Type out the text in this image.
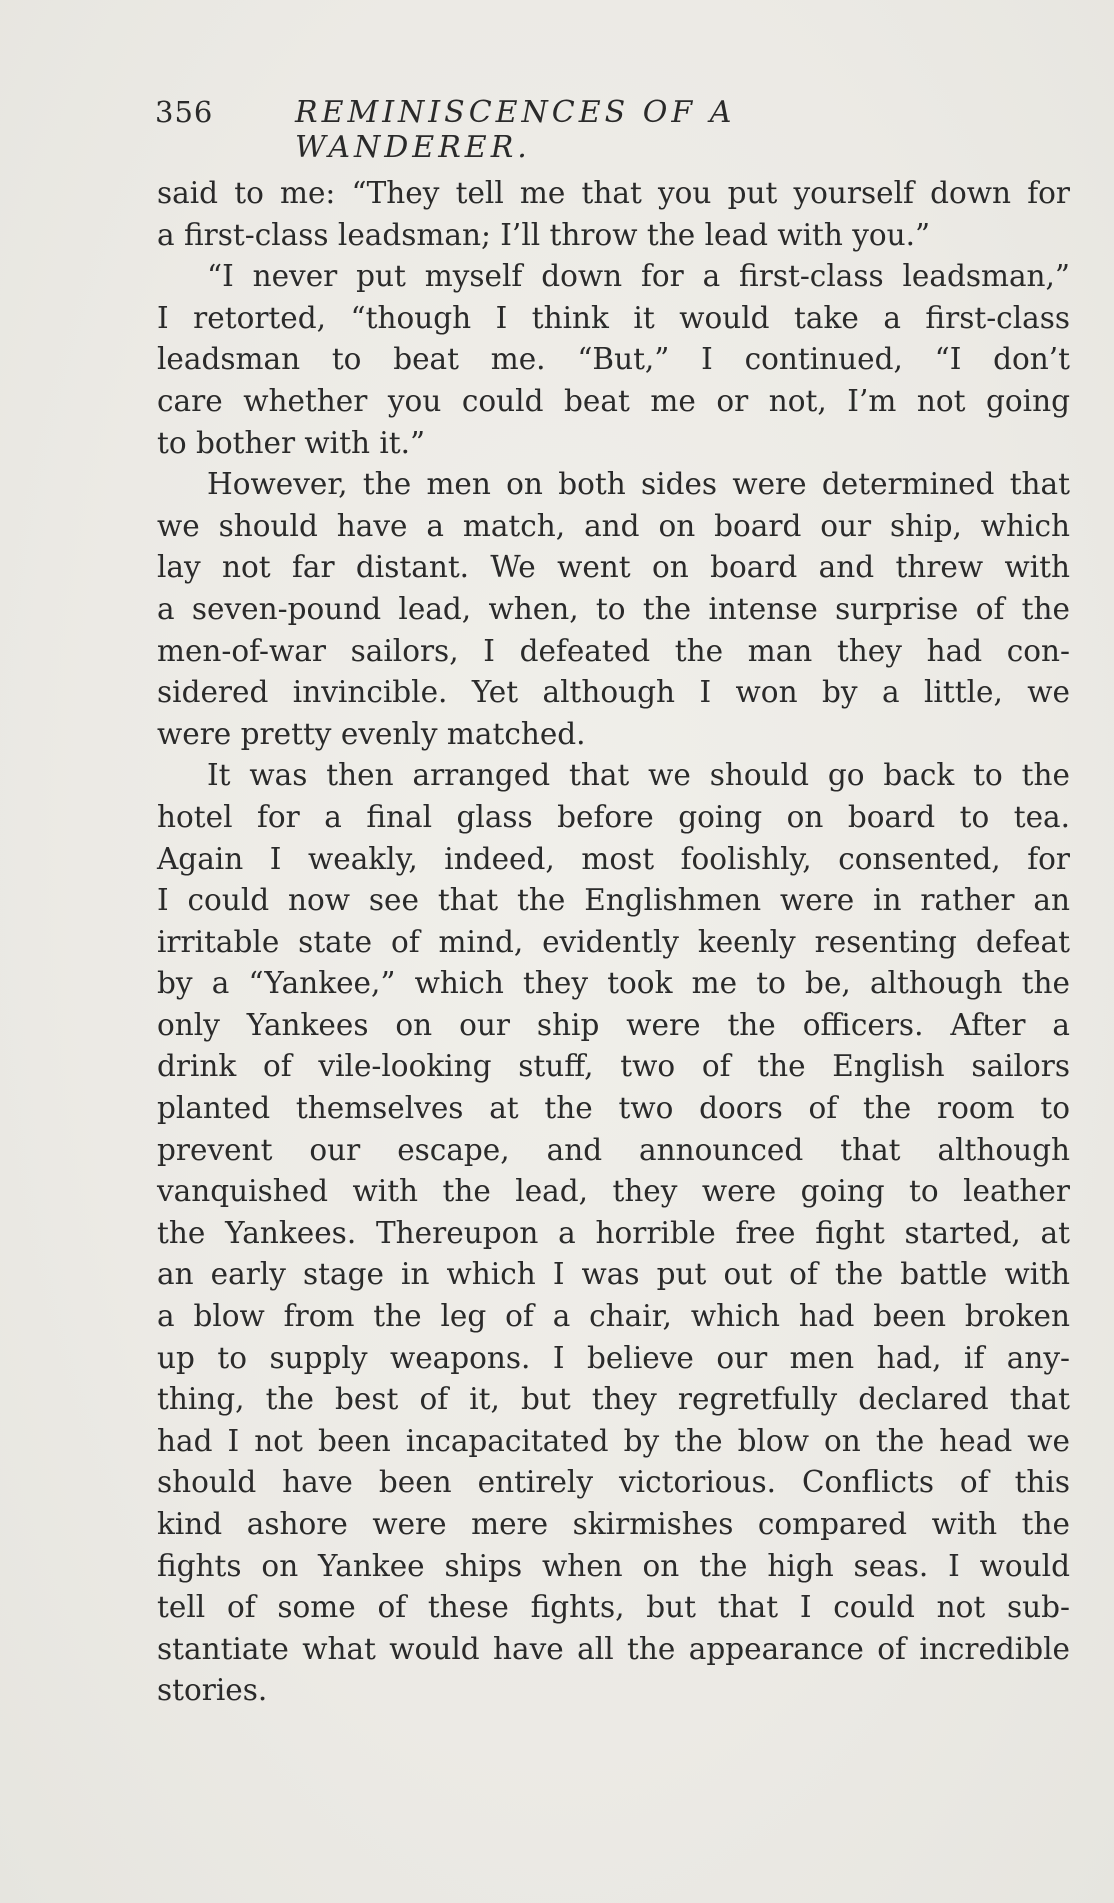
356	REMINISCENCES OF A WANDERER.
said to me: “They tell me that you put yourself down for
a first-class leadsman; I’ll throw the lead with you.”
“I never put myself down for a first-class leadsman,”
I retorted, “though I think it would take a first-class
leadsman to beat me. “But,” I continued, “I don’t
care whether you could beat me or not, I’m not going
to bother with it.”
However, the men on both sides were determined that
we should have a match, and on board our ship, which
lay not far distant. We went on board and threw with
a seven-pound lead, when, to the intense surprise of the
men-of-war sailors, I defeated the man they had con-
sidered invincible. Yet although I won by a little, we
were pretty evenly matched.
It was then arranged that we should go back to the
hotel for a final glass before going on board to tea.
Again I weakly, indeed, most foolishly, consented, for
I could now see that the Englishmen were in rather an
irritable state of mind, evidently keenly resenting defeat
by a “Yankee,” which they took me to be, although the
only Yankees on our ship were the officers. After a
drink of vile-looking stuff, two of the English sailors
planted themselves at the two doors of the room to
prevent our escape, and announced that although
vanquished with the lead, they were going to leather
the Yankees. Thereupon a horrible free fight started, at
an early stage in which I was put out of the battle with
a blow from the leg of a chair, which had been broken
up to supply weapons. I believe our men had, if any-
thing, the best of it, but they regretfully declared that
had I not been incapacitated by the blow on the head we
should have been entirely victorious. Conflicts of this
kind ashore were mere skirmishes compared with the
fights on Yankee ships when on the high seas. I would
tell of some of these fights, but that I could not sub-
stantiate what would have all the appearance of incredible
stories.
